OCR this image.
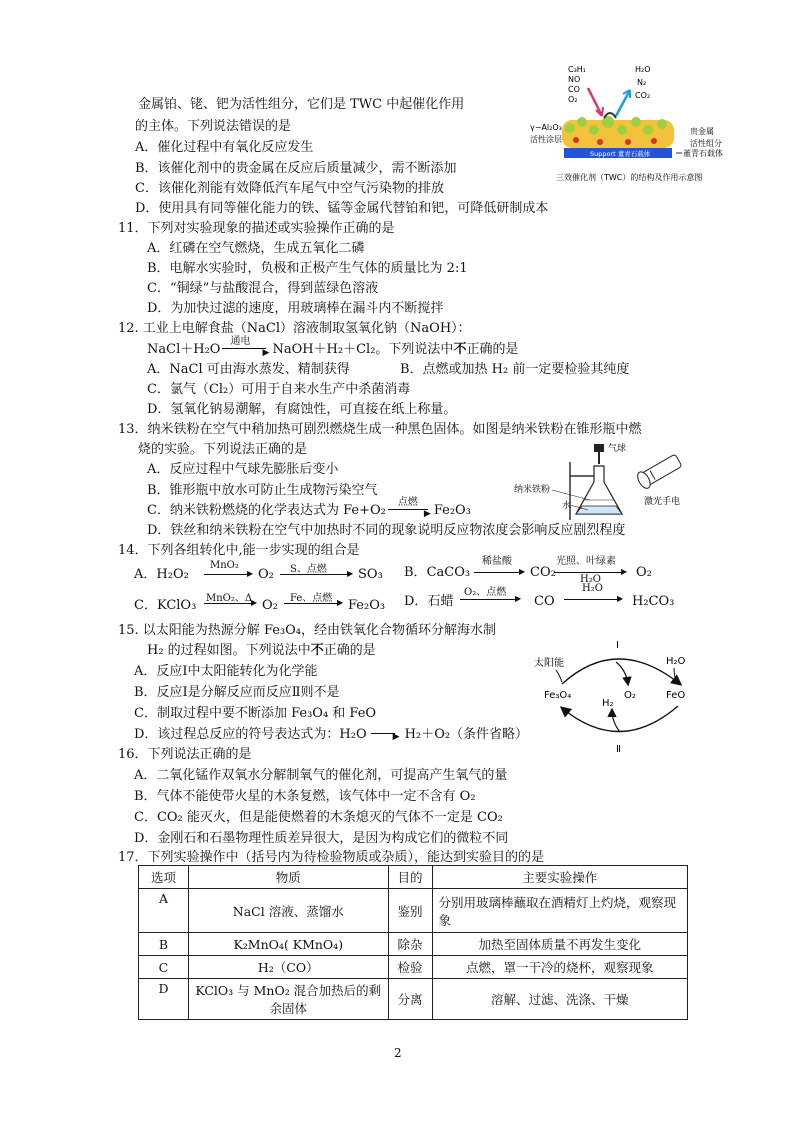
金属铂、铑、钯为活性组分，它们是 TWC 中起催化作用
的主体。下列说法错误的是
A．催化过程中有氧化反应发生
B．该催化剂中的贵金属在反应后质量减少，需不断添加
C．该催化剂能有效降低汽车尾气中空气污染物的排放
D．使用具有同等催化能力的铁、锰等金属代替铂和钯，可降低研制成本
C₃H₁
NO
CO
O₂
H₂O
N₂
CO₂
Support 董青石载体
γ−Al₂O₃
活性涂层
贵金属
活性组分
董青石载体
三效催化剂（TWC）的结构及作用示意图
11．下列对实验现象的描述或实验操作正确的是
A．红磷在空气燃烧，生成五氧化二磷
B．电解水实验时，负极和正极产生气体的质量比为 2:1
C．“铜绿”与盐酸混合，得到蓝绿色溶液
D．为加快过滤的速度，用玻璃棒在漏斗内不断搅拌
12. 工业上电解食盐（NaCl）溶液制取氢氧化钠（NaOH）：
NaCl＋H₂O
通电
▶ NaOH＋H₂＋Cl₂。下列说法中不正确的是
A．NaCl 可由海水蒸发、精制获得	B．点燃或加热 H₂ 前一定要检验其纯度
C．氯气（Cl₂）可用于自来水生产中杀菌消毒
D．氢氧化钠易潮解，有腐蚀性，可直接在纸上称量。
13．纳米铁粉在空气中稍加热可剧烈燃烧生成一种黑色固体。如图是纳米铁粉在锥形瓶中燃
烧的实验。下列说法正确的是
A．反应过程中气球先膨胀后变小
B．锥形瓶中放水可防止生成物污染空气
C．纳米铁粉燃烧的化学表达式为 Fe+O₂
点燃
▶ Fe₂O₃
D．铁丝和纳米铁粉在空气中加热时不同的现象说明反应物浓度会影响反应剧烈程度
气球
纳米铁粉
水	激光手电
14．下列各组转化中,能一步实现的组合是
A．H₂O₂
MnO₂
▶ O₂ S、点燃	▶ SO₃ B．CaCO₃
稀盐酸
▶ CO₂
光照、叶绿素
▶
H₂O	O₂
C．KClO₃ MnO₂、Δ
▶ O₂ Fe、点燃 ▶ Fe₂O₃ D．石蜡
O₂、点燃
▶ CO
H₂O
▶ H₂CO₃
15. 以太阳能为热源分解 Fe₃O₄，经由铁氧化合物循环分解海水制
H₂ 的过程如图。下列说法中不正确的是
A．反应Ⅰ中太阳能转化为化学能
B．反应Ⅰ是分解反应而反应Ⅱ则不是
C．制取过程中要不断添加 Fe₃O₄ 和 FeO
D．该过程总反应的符号表达式为：H₂O	▶ H₂＋O₂（条件省略）
I
太阳能	H₂O
Fe₃O₄	O₂	FeO
H₂
Ⅱ
16．下列说法正确的是
A．二氧化锰作双氧水分解制氧气的催化剂，可提高产生氧气的量
B．气体不能使带火星的木条复燃，该气体中一定不含有 O₂
C．CO₂ 能灭火，但是能使燃着的木条熄灭的气体不一定是 CO₂
D．金刚石和石墨物理性质差异很大，是因为构成它们的微粒不同
17．下列实验操作中（括号内为待检验物质或杂质），能达到实验目的的是
选项	物质	目的	主要实验操作
A	NaCl 溶液、蒸馏水	鉴别	分别用玻璃棒蘸取在酒精灯上灼烧，观察现象
B	K₂MnO₄( KMnO₄)	除杂	加热至固体质量不再发生变化
C	H₂（CO）	检验	点燃，罩一干冷的烧杯，观察现象
D	KClO₃ 与 MnO₂ 混合加热后的剩余固体	分离	溶解、过滤、洗涤、干燥
2
